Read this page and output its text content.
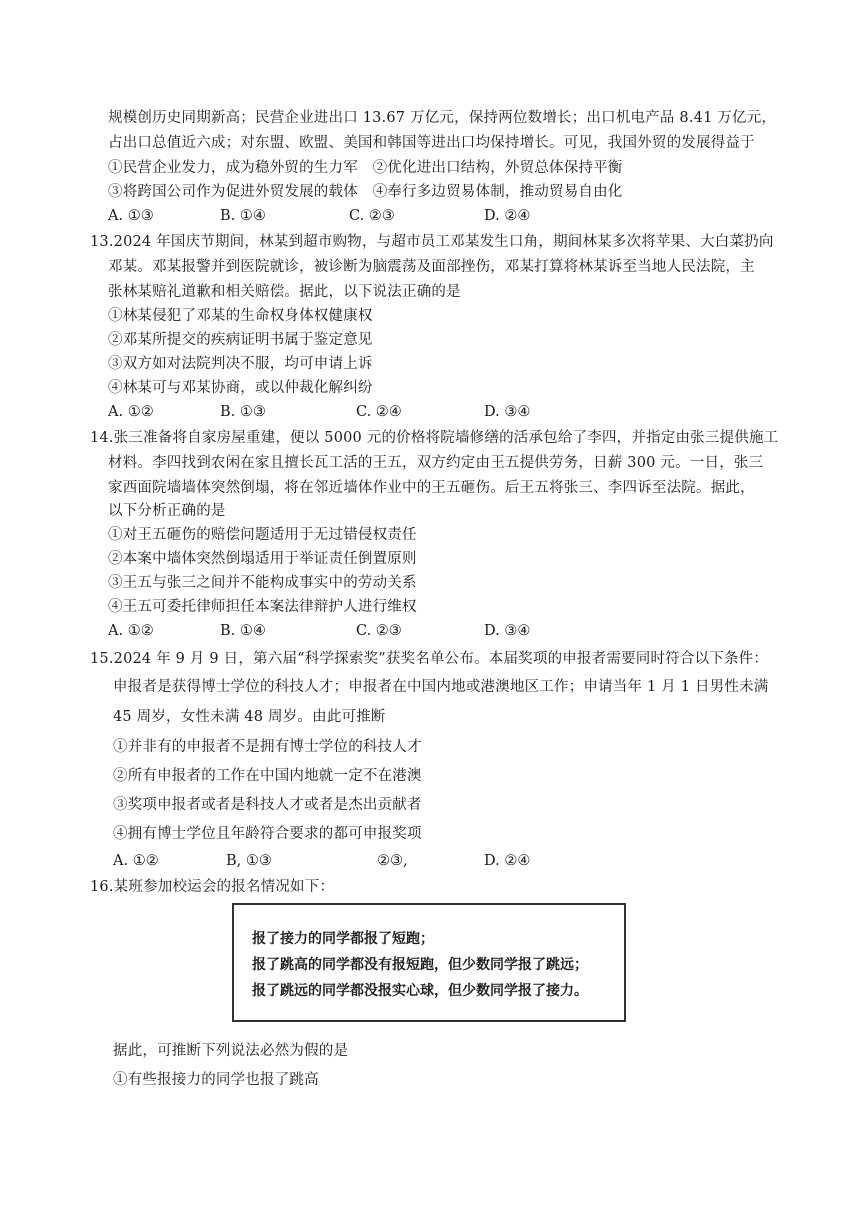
规模创历史同期新高；民营企业进出口 13.67 万亿元，保持两位数增长；出口机电产品 8.41 万亿元，
占出口总值近六成；对东盟、欧盟、美国和韩国等进出口均保持增长。可见，我国外贸的发展得益于
①民营企业发力，成为稳外贸的生力军　②优化进出口结构，外贸总体保持平衡
③将跨国公司作为促进外贸发展的载体　④奉行多边贸易体制，推动贸易自由化
A. ①③	B. ①④	C. ②③	D. ②④
13.2024 年国庆节期间，林某到超市购物，与超市员工邓某发生口角，期间林某多次将苹果、大白菜扔向
邓某。邓某报警并到医院就诊，被诊断为脑震荡及面部挫伤，邓某打算将林某诉至当地人民法院，主
张林某赔礼道歉和相关赔偿。据此，以下说法正确的是
①林某侵犯了邓某的生命权身体权健康权
②邓某所提交的疾病证明书属于鉴定意见
③双方如对法院判决不服，均可申请上诉
④林某可与邓某协商，或以仲裁化解纠纷
A. ①②	B. ①③	C. ②④	D. ③④
14.张三准备将自家房屋重建，便以 5000 元的价格将院墙修缮的活承包给了李四，并指定由张三提供施工
材料。李四找到农闲在家且擅长瓦工活的王五，双方约定由王五提供劳务，日薪 300 元。一日，张三
家西面院墙墙体突然倒塌，将在邻近墙体作业中的王五砸伤。后王五将张三、李四诉至法院。据此，
以下分析正确的是
①对王五砸伤的赔偿问题适用于无过错侵权责任
②本案中墙体突然倒塌适用于举证责任倒置原则
③王五与张三之间并不能构成事实中的劳动关系
④王五可委托律师担任本案法律辩护人进行维权
A. ①②	B. ①④	C. ②③	D. ③④
15.2024 年 9 月 9 日，第六届“科学探索奖”获奖名单公布。本届奖项的申报者需要同时符合以下条件：
申报者是获得博士学位的科技人才；申报者在中国内地或港澳地区工作；申请当年 1 月 1 日男性未满
45 周岁，女性未满 48 周岁。由此可推断
①并非有的申报者不是拥有博士学位的科技人才
②所有申报者的工作在中国内地就一定不在港澳
③奖项申报者或者是科技人才或者是杰出贡献者
④拥有博士学位且年龄符合要求的都可申报奖项
A. ①②	B, ①③	②③,	D. ②④
16.某班参加校运会的报名情况如下：
报了接力的同学都报了短跑；
报了跳高的同学都没有报短跑，但少数同学报了跳远；
报了跳远的同学都没报实心球，但少数同学报了接力。
据此，可推断下列说法必然为假的是
①有些报接力的同学也报了跳高
